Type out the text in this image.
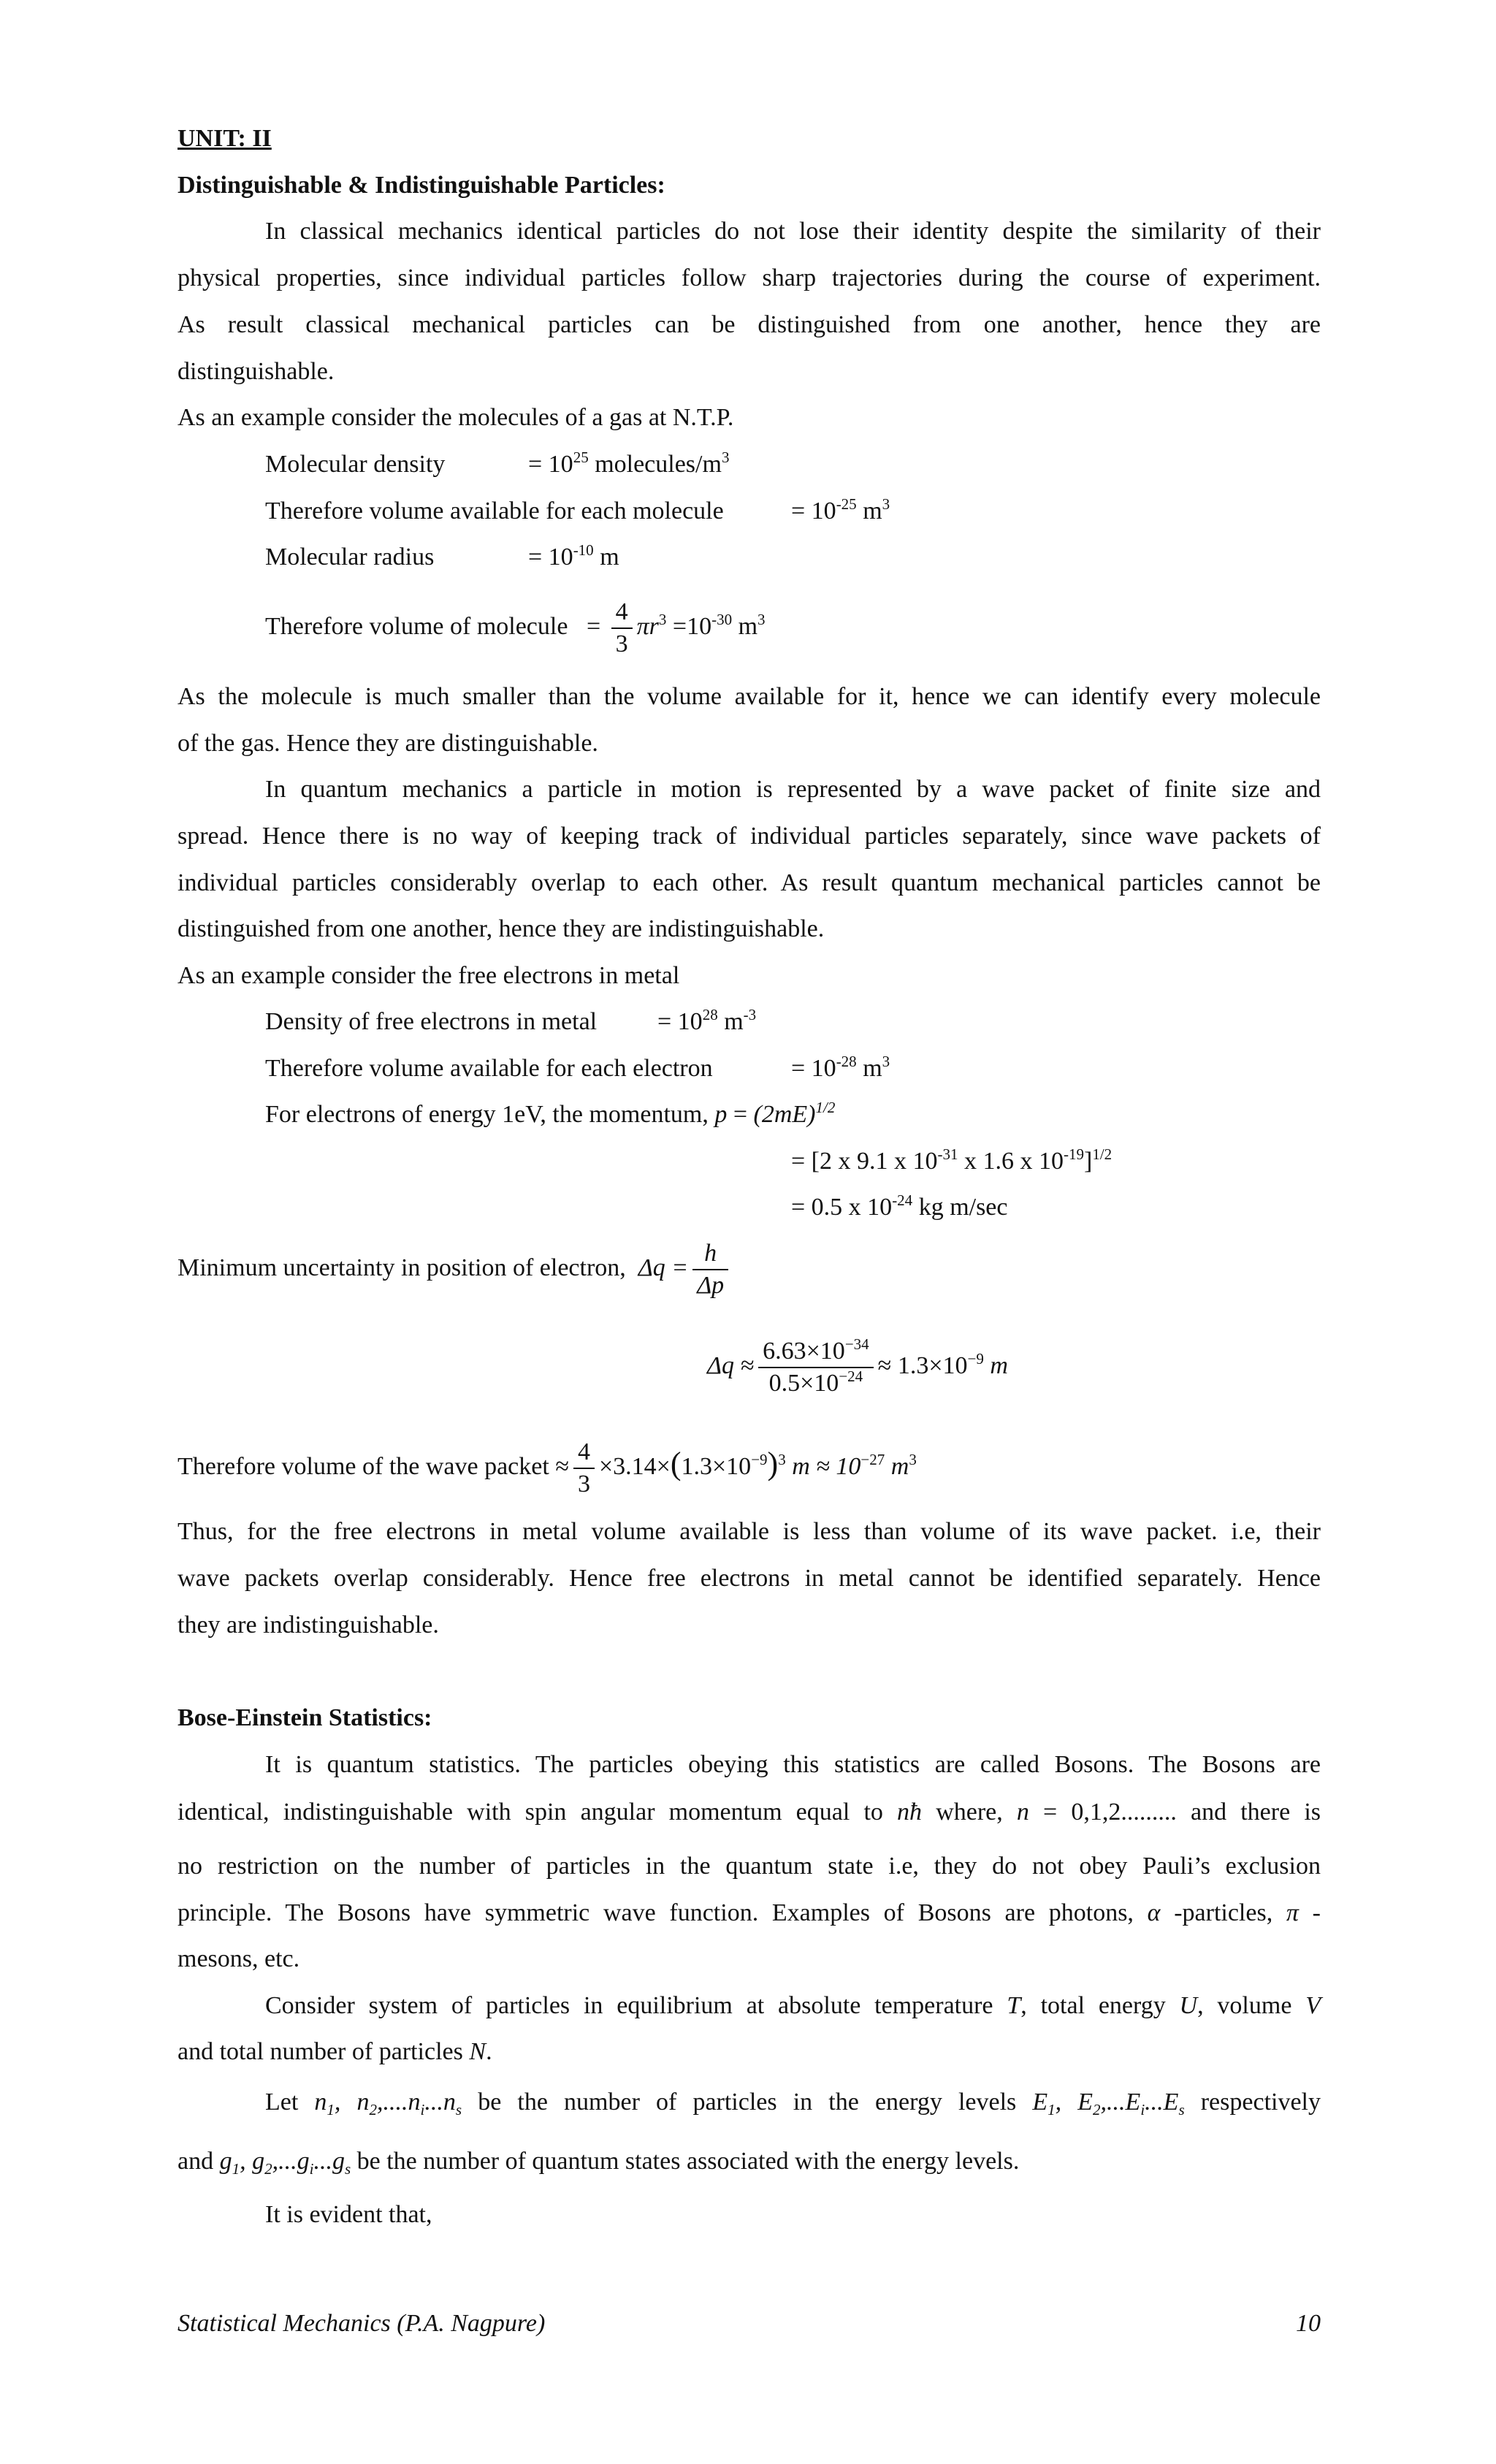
UNIT: II
Distinguishable & Indistinguishable Particles:
In classical mechanics identical particles do not lose their identity despite the similarity of their
physical properties, since individual particles follow sharp trajectories during the course of experiment.
As result classical mechanical particles can be distinguished from one another, hence they are
distinguishable.
As an example consider the molecules of a gas at N.T.P.
Molecular density	= $10^{25}$ molecules/$m^3$
Therefore volume available for each molecule	= $10^{-25}$ $m^3$
Molecular radius	= $10^{-10}$ m
Therefore volume of molecule = $\frac{4}{3} \pi r^3 =10^{-30}$ $m^3$
As the molecule is much smaller than the volume available for it, hence we can identify every molecule
of the gas. Hence they are distinguishable.
In quantum mechanics a particle in motion is represented by a wave packet of finite size and
spread. Hence there is no way of keeping track of individual particles separately, since wave packets of
individual particles considerably overlap to each other. As result quantum mechanical particles cannot be
distinguished from one another, hence they are indistinguishable.
As an example consider the free electrons in metal
Density of free electrons in metal = $10^{28}$ $m^{-3}$
Therefore volume available for each electron	= $10^{-28}$ $m^3$
For electrons of energy 1eV, the momentum, $p = (2mE)^{1/2}$
= [2 x 9.1 x $10^{-31}$ x 1.6 x $10^{-19}]^{1/2}$
= 0.5 x $10^{-24}$ kg m/sec
Minimum uncertainty in position of electron, $\Delta q = \frac{h}{\Delta p}$
$\Delta q \approx \frac{6.63\times 10^{-34}}{0.5\times 10^{-24}} \approx 1.3\times 10^{-9}$ m
Therefore volume of the wave packet ≈ $\frac{4}{3} \times 3.14\times(1.3\times 10^{-9})^3$ $m \approx 10^{-27}$ $m^3$
Thus, for the free electrons in metal volume available is less than volume of its wave packet. i.e, their
wave packets overlap considerably. Hence free electrons in metal cannot be identified separately. Hence
they are indistinguishable.
Bose-Einstein Statistics:
It is quantum statistics. The particles obeying this statistics are called Bosons. The Bosons are
identical, indistinguishable with spin angular momentum equal to nħ where, n = 0,1,2......... and there is
no restriction on the number of particles in the quantum state i.e, they do not obey Pauli’s exclusion
principle. The Bosons have symmetric wave function. Examples of Bosons are photons, α -particles, π -
mesons, etc.
Consider system of particles in equilibrium at absolute temperature T, total energy U, volume V
and total number of particles N.
Let $n_1$, $n_2,....n_i...n_s$ be the number of particles in the energy levels $E_1$, $E_2,...E_i...E_s$ respectively
and $g_1$, $g_2,...g_i...g_s$ be the number of quantum states associated with the energy levels.
It is evident that,
Statistical Mechanics (P.A. Nagpure)	10
